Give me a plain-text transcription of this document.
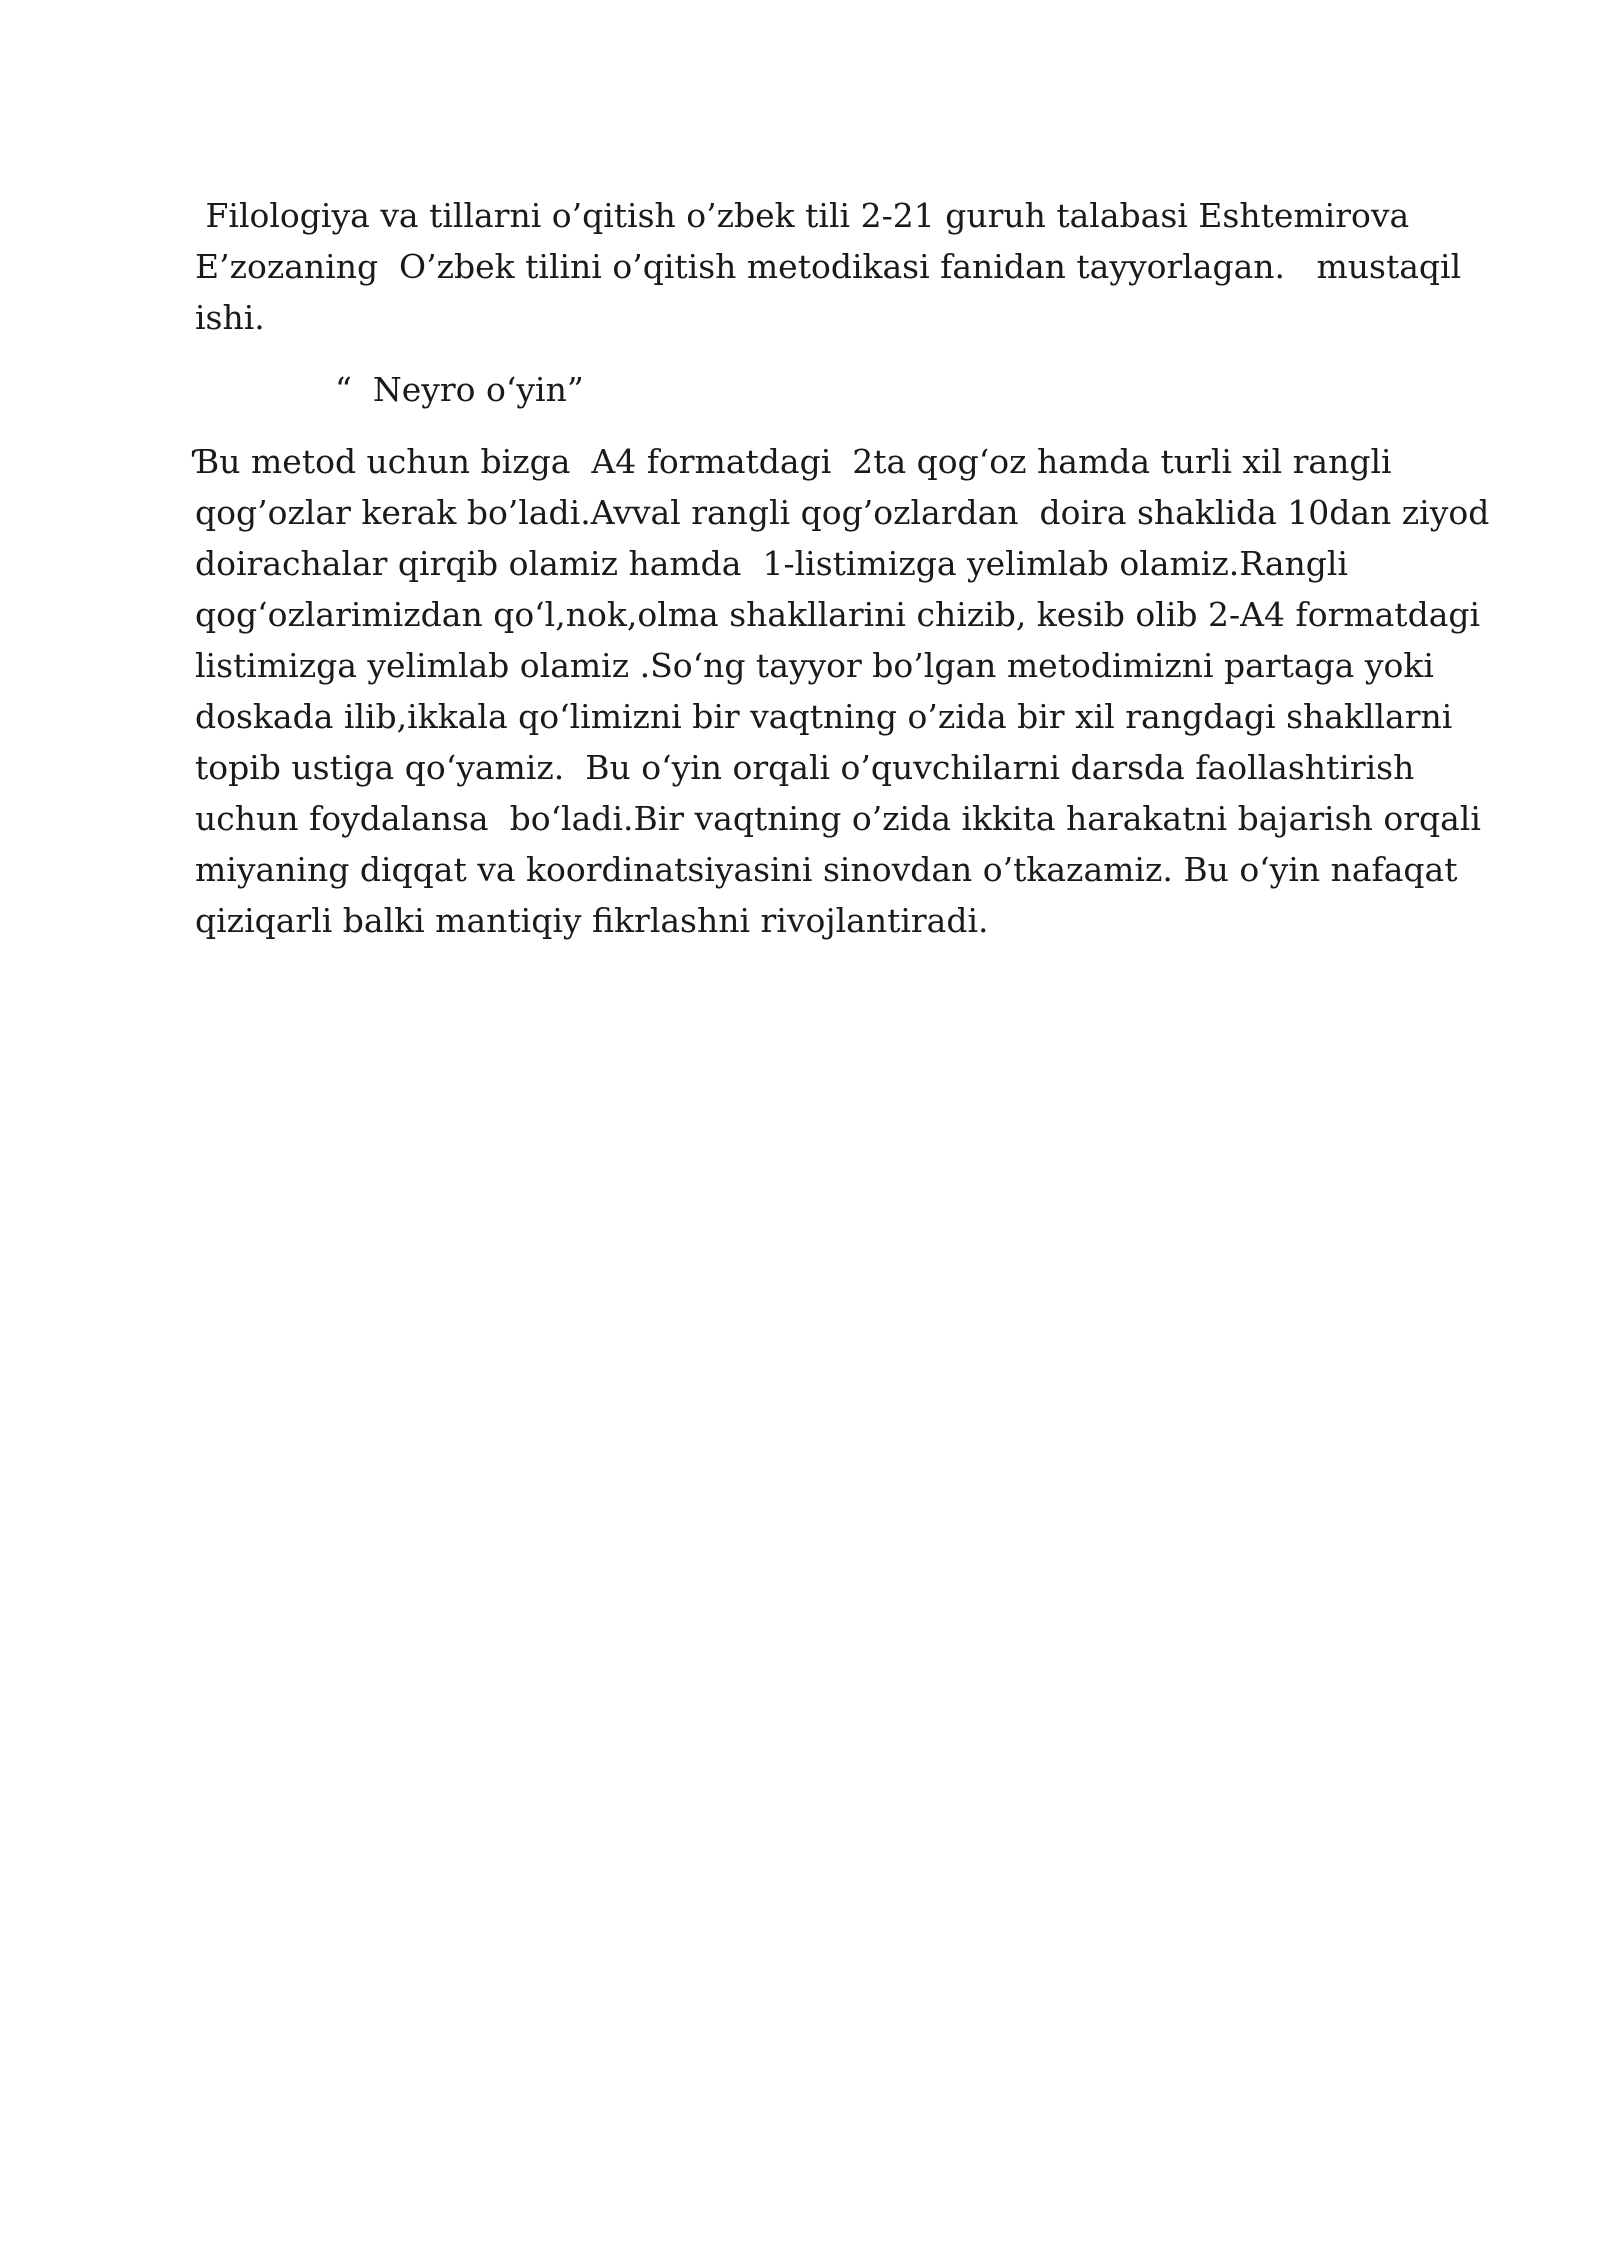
Filologiya va tillarni o’qitish o’zbek tili 2-21 guruh talabasi Eshtemirova
E’zozaning  O’zbek tilini o’qitish metodikasi fanidan tayyorlagan.   mustaqil
ishi.

“  Neyro o‘yin”

Ɓu metod uchun bizga  A4 formatdagi  2ta qog‘oz hamda turli xil rangli
qog’ozlar kerak bo’ladi.Avval rangli qog’ozlardan  doira shaklida 10dan ziyod
doirachalar qirqib olamiz hamda  1-listimizga yelimlab olamiz.Rangli
qog‘ozlarimizdan qo‘l,nok,olma shakllarini chizib, kesib olib 2-A4 formatdagi
listimizga yelimlab olamiz .So‘ng tayyor bo’lgan metodimizni partaga yoki
doskada ilib,ikkala qo‘limizni bir vaqtning o’zida bir xil rangdagi shakllarni
topib ustiga qo‘yamiz.  Bu o‘yin orqali o’quvchilarni darsda faollashtirish
uchun foydalansa  bo‘ladi.Bir vaqtning o’zida ikkita harakatni bajarish orqali
miyaning diqqat va koordinatsiyasini sinovdan o’tkazamiz. Bu o‘yin nafaqat
qiziqarli balki mantiqiy fikrlashni rivojlantiradi.
